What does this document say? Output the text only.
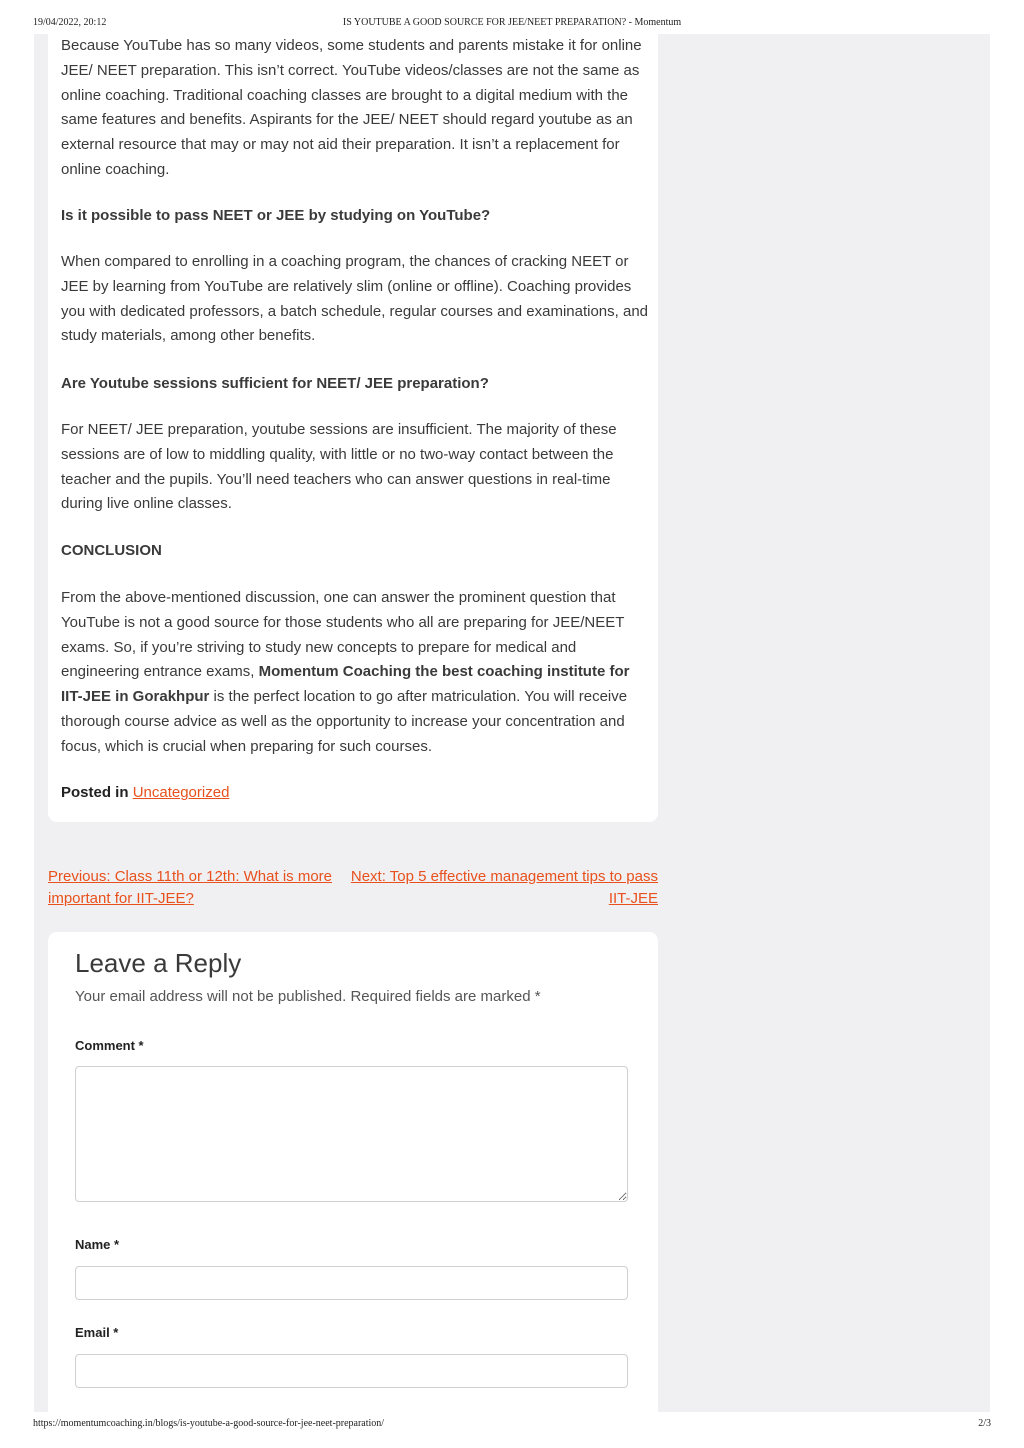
19/04/2022, 20:12	IS YOUTUBE A GOOD SOURCE FOR JEE/NEET PREPARATION? - Momentum

Because YouTube has so many videos, some students and parents mistake it for online JEE/ NEET preparation. This isn’t correct. YouTube videos/classes are not the same as online coaching. Traditional coaching classes are brought to a digital medium with the same features and benefits. Aspirants for the JEE/ NEET should regard youtube as an external resource that may or may not aid their preparation. It isn’t a replacement for online coaching.

Is it possible to pass NEET or JEE by studying on YouTube?

When compared to enrolling in a coaching program, the chances of cracking NEET or JEE by learning from YouTube are relatively slim (online or offline). Coaching provides you with dedicated professors, a batch schedule, regular courses and examinations, and study materials, among other benefits.

Are Youtube sessions sufficient for NEET/ JEE preparation?

For NEET/ JEE preparation, youtube sessions are insufficient. The majority of these sessions are of low to middling quality, with little or no two-way contact between the teacher and the pupils. You’ll need teachers who can answer questions in real-time during live online classes.

CONCLUSION

From the above-mentioned discussion, one can answer the prominent question that YouTube is not a good source for those students who all are preparing for JEE/NEET exams. So, if you’re striving to study new concepts to prepare for medical and engineering entrance exams, Momentum Coaching the best coaching institute for IIT-JEE in Gorakhpur is the perfect location to go after matriculation. You will receive thorough course advice as well as the opportunity to increase your concentration and focus, which is crucial when preparing for such courses.

Posted in Uncategorized

Previous: Class 11th or 12th: What is more important for IIT-JEE?
Next: Top 5 effective management tips to pass IIT-JEE
Leave a Reply
Your email address will not be published. Required fields are marked *
Comment *
Name *
Email *
https://momentumcoaching.in/blogs/is-youtube-a-good-source-for-jee-neet-preparation/	2/3
